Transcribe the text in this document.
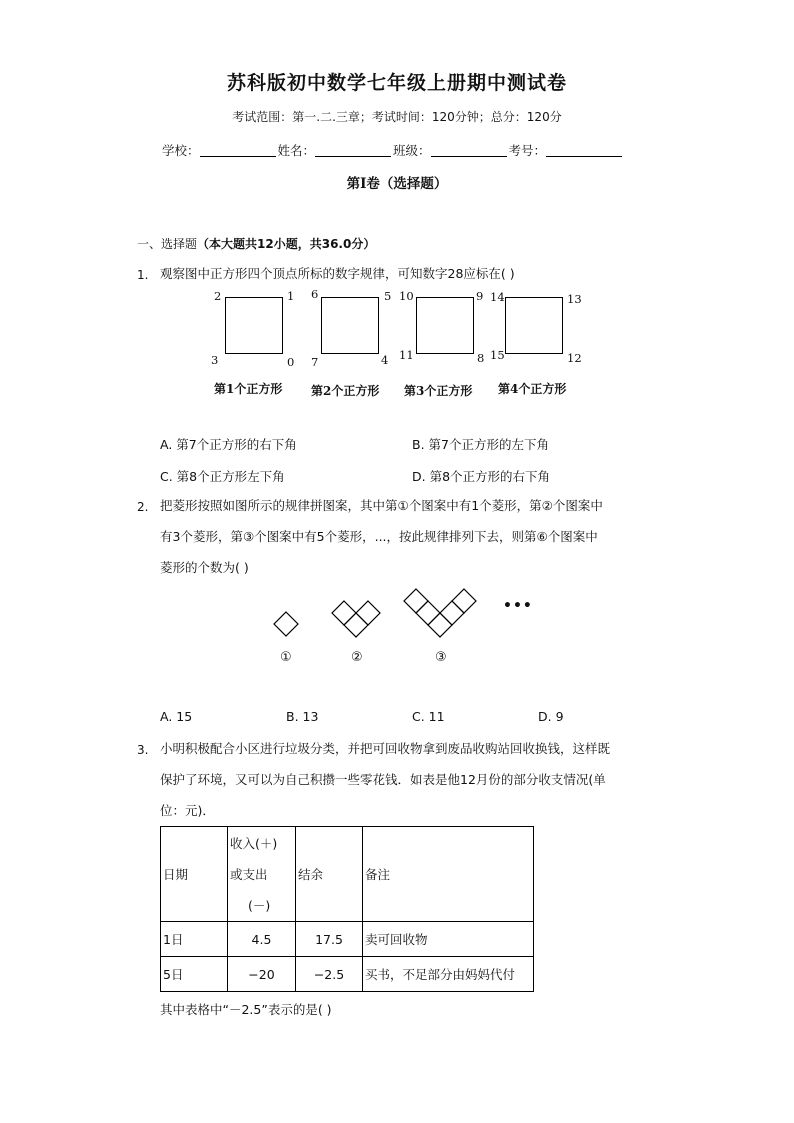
苏科版初中数学七年级上册期中测试卷
考试范围：第一.二.三章；考试时间：120分钟；总分：120分
学校：	姓名：	班级：	考号：
第I卷（选择题）
一、选择题（本大题共12小题，共36.0分）
1. 观察图中正方形四个顶点所标的数字规律，可知数字28应标在( )
2	1
3	0
第1个正方形
6	5
7	4
第2个正方形
10	9
11	8
第3个正方形
14	13
15	12
第4个正方形
A. 第7个正方形的右下角	B. 第7个正方形的左下角
C. 第8个正方形左下角	D. 第8个正方形的右下角
2. 把菱形按照如图所示的规律拼图案，其中第①个图案中有1个菱形，第②个图案中
有3个菱形，第③个图案中有5个菱形，...，按此规律排列下去，则第⑥个图案中
菱形的个数为( )
•••
①	②	③
A. 15	B. 13	C. 11	D. 9
3. 小明积极配合小区进行垃圾分类，并把可回收物拿到废品收购站回收换钱，这样既
保护了环境，又可以为自己积攒一些零花钱．如表是他12月份的部分收支情况(单
位：元)．
日期	收入(＋)
或支出
(－)	结余	备注
1日	4.5	17.5	卖可回收物
5日	−20	−2.5	买书，不足部分由妈妈代付
其中表格中“－2.5”表示的是( )
